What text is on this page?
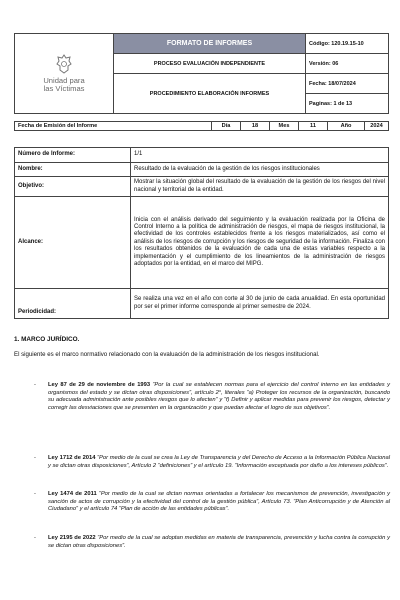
Unidad para
las Víctimas	FORMATO DE INFORMES	Código: 120.19.15-10
	PROCESO EVALUACIÓN INDEPENDIENTE	Versión: 06
	PROCEDIMIENTO ELABORACIÓN INFORMES	Fecha: 18/07/2024
		Paginas: 1 de 13
Fecha de Emisión del Informe	Día	18	Mes	11	Año	2024
Número de Informe:	1/1
Nombre:	Resultado de la evaluación de la gestión de los riesgos institucionales
Objetivo:	Mostrar la situación global del resultado de la evaluación de la gestión de los riesgos del nivel nacional y territorial de la entidad.
Alcance:	Inicia con el análisis derivado del seguimiento y la evaluación realizada por la Oficina de Control Interno a la política de administración de riesgos, el mapa de riesgos institucional, la efectividad de los controles establecidos frente a los riesgos materializados, así como el análisis de los riesgos de corrupción y los riesgos de seguridad de la información. Finaliza con los resultados obtenidos de la evaluación de cada una de estas variables respecto a la implementación y el cumplimiento de los lineamientos de la administración de riesgos adoptados por la entidad, en el marco del MIPG.
Periodicidad:	Se realiza una vez en el año con corte al 30 de junio de cada anualidad. En esta oportunidad por ser el primer informe corresponde al primer semestre de 2024.
1. MARCO JURÍDICO.
El siguiente es el marco normativo relacionado con la evaluación de la administración de los riesgos institucional.
- Ley 87 de 29 de noviembre de 1993 “Por la cual se establecen normas para el ejercicio del control interno en las entidades y organismos del estado y se dictan otras disposiciones”, artículo 2°, literales “a) Proteger los recursos de la organización, buscando su adecuada administración ante posibles riesgos que lo afecten” y “f) Definir y aplicar medidas para prevenir los riesgos, detectar y corregir las desviaciones que se presenten en la organización y que puedan afectar el logro de sus objetivos”.
- Ley 1712 de 2014 “Por medio de la cual se crea la Ley de Transparencia y del Derecho de Acceso a la Información Pública Nacional y se dictan otras disposiciones”, Artículo 2 “definiciones” y el artículo 19. “Información exceptuada por daño a los intereses públicos”.
- Ley 1474 de 2011 “Por medio de la cual se dictan normas orientadas a fortalecer los mecanismos de prevención, investigación y sanción de actos de corrupción y la efectividad del control de la gestión pública”, Artículo 73. “Plan Anticorrupción y de Atención al Ciudadano” y el artículo 74 “Plan de acción de las entidades públicas”.
- Ley 2195 de 2022 “Por medio de la cual se adoptan medidas en materia de transparencia, prevención y lucha contra la corrupción y se dictan otras disposiciones”.
